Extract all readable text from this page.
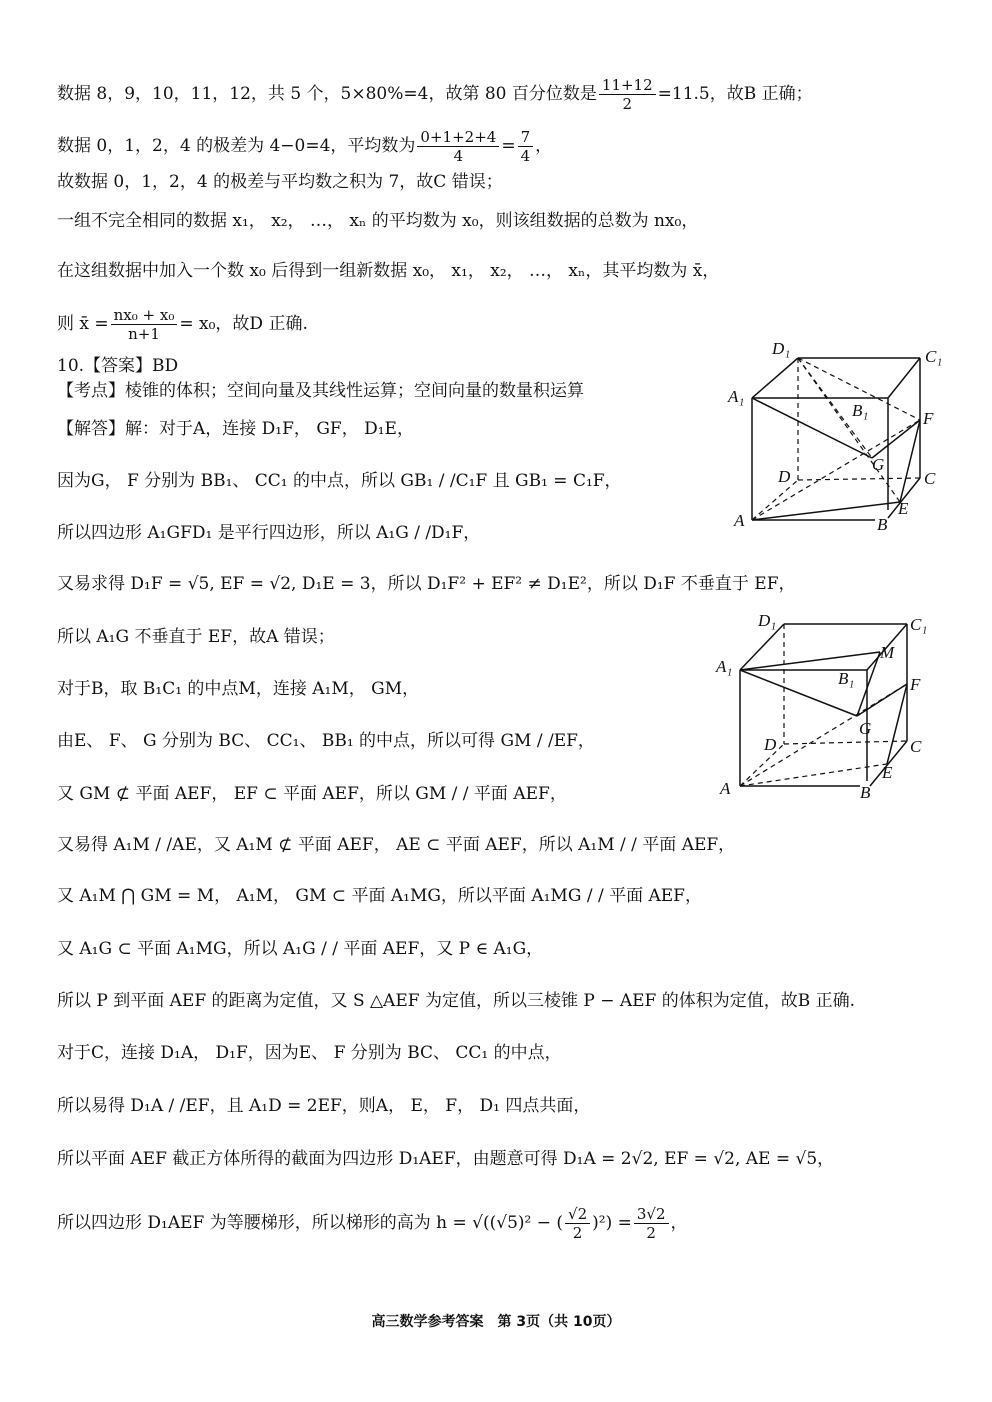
数据 8，9，10，11，12，共 5 个，5×80%=4，故第 80 百分位数是 $\frac{11+12}{2} =11.5$，故B 正确；
数据 0，1，2，4 的极差为 4−0=4，平均数为 $\frac{0+1+2+4}{4} = \frac{7}{4}$ ，
故数据 0，1，2，4 的极差与平均数之积为 7，故C 错误；
一组不完全相同的数据 x₁， x₂， …， xₙ 的平均数为 x₀，则该组数据的总数为 nx₀，
在这组数据中加入一个数 x₀ 后得到一组新数据 x₀， x₁， x₂， …， xₙ，其平均数为 x̄，
则 x̄ = $\frac{\text{nx₀ + x₀}}{n+1} = x_0$，故D 正确.
10.【答案】BD
【考点】棱锥的体积；空间向量及其线性运算；空间向量的数量积运算
【解答】解：对于A，连接 D₁F， GF， D₁E，
因为G， F 分别为 BB₁、 CC₁ 的中点，所以 GB₁ / /C₁F 且 GB₁ = C₁F，
所以四边形 A₁GFD₁ 是平行四边形，所以 A₁G / /D₁F，
又易求得 D₁F = √5, EF = √2, D₁E = 3，所以 D₁F² + EF² ≠ D₁E²，所以 D₁F 不垂直于 EF，
所以 A₁G 不垂直于 EF，故A 错误；
对于B，取 B₁C₁ 的中点M，连接 A₁M， GM，
由E、 F、 G 分别为 BC、 CC₁、 BB₁ 的中点，所以可得 GM / /EF，
又 GM ⊄ 平面 AEF， EF ⊂ 平面 AEF，所以 GM / / 平面 AEF，
又易得 A₁M / /AE，又 A₁M ⊄ 平面 AEF， AE ⊂ 平面 AEF，所以 A₁M / / 平面 AEF，
又 A₁M ⋂ GM = M， A₁M， GM ⊂ 平面 A₁MG，所以平面 A₁MG / / 平面 AEF，
又 A₁G ⊂ 平面 A₁MG，所以 A₁G / / 平面 AEF，又 P ∈ A₁G，
所以 P 到平面 AEF 的距离为定值，又 S △AEF 为定值，所以三棱锥 P − AEF 的体积为定值，故B 正确.
对于C，连接 D₁A， D₁F，因为E、 F 分别为 BC、 CC₁ 的中点，
所以易得 D₁A / /EF，且 A₁D = 2EF，则A， E， F， D₁ 四点共面，
所以平面 AEF 截正方体所得的截面为四边形 D₁AEF，由题意可得 D₁A = 2√2, EF = √2, AE = √5，
所以四边形 D₁AEF 为等腰梯形，所以梯形的高为 h = √((√5)² − ( $\frac{√2}{2} )^2) = \frac{3√2}{2}$ ，
D₁	C₁
A₁
B₁	F
G
D	C
A	B
E
D₁	C₁
A₁
M
B₁	F
G
D	C
A	B
E
高三数学参考答案　第 3页（共 10页）
